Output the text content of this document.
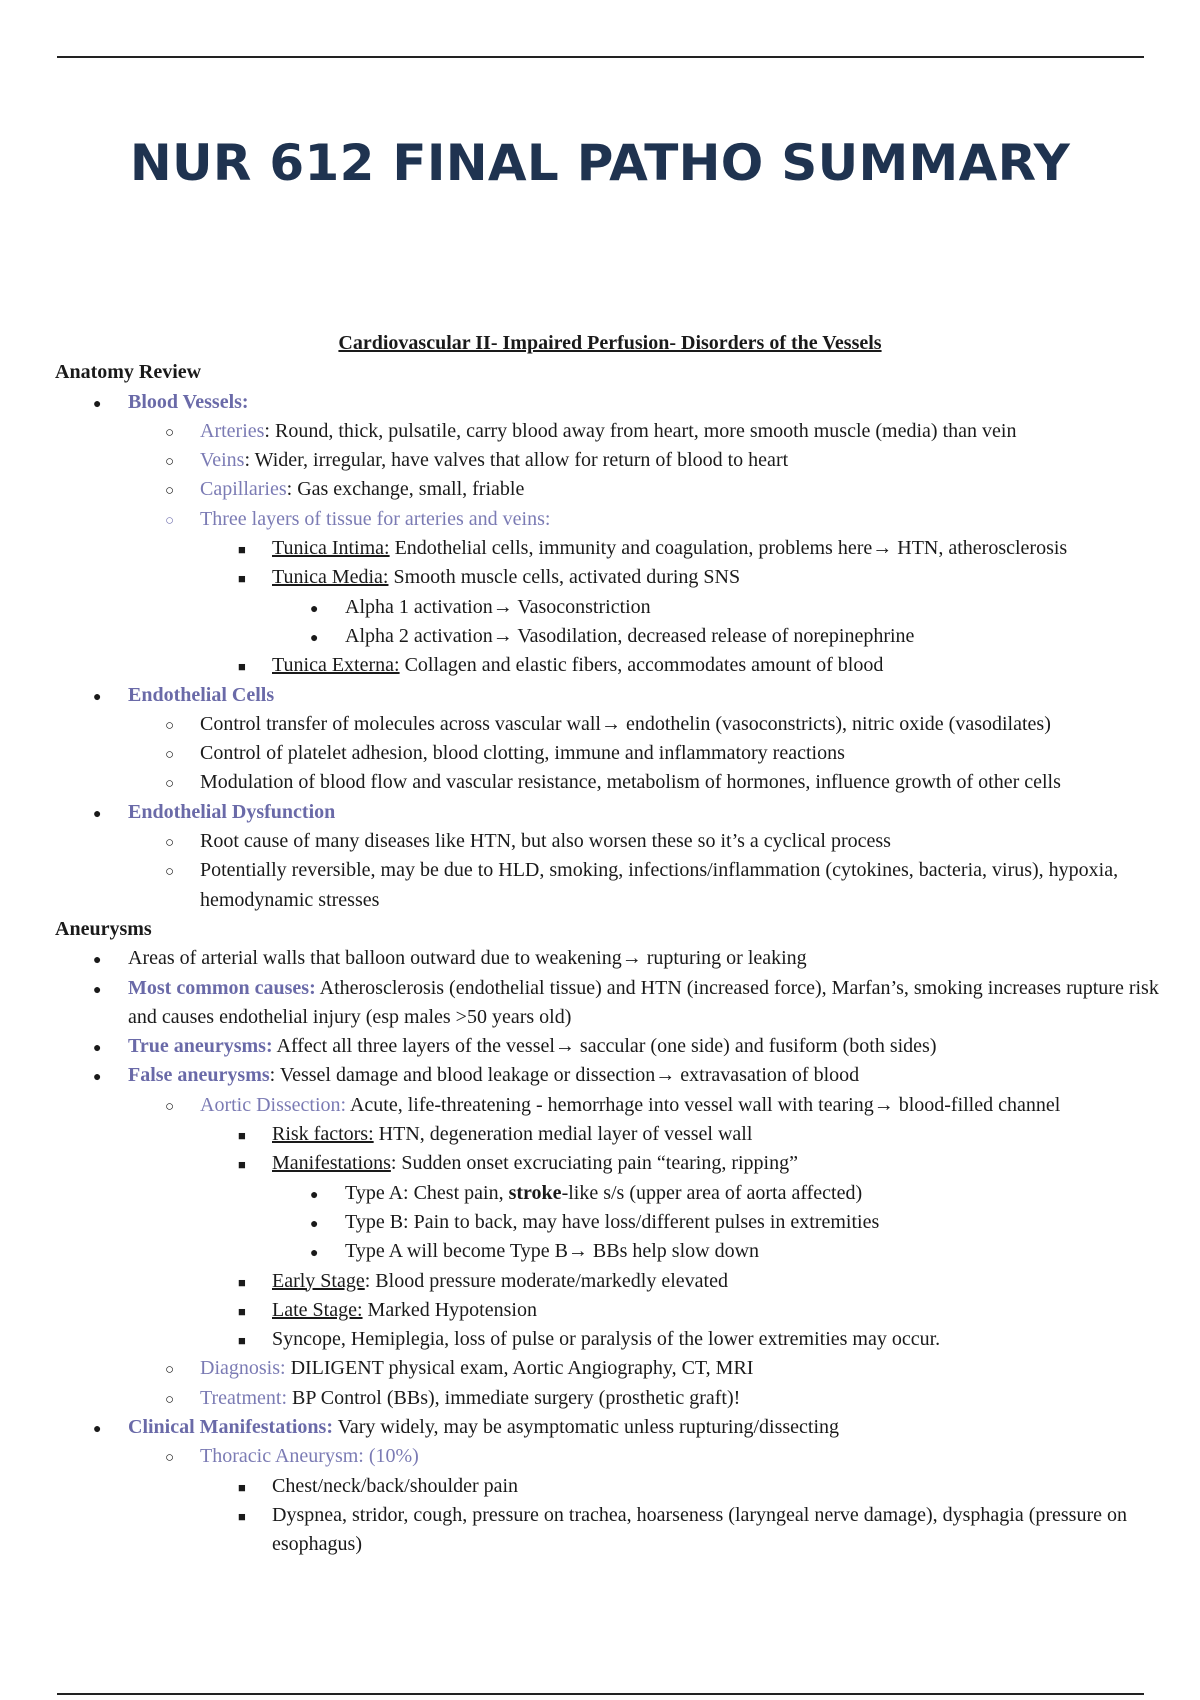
NUR 612 FINAL PATHO SUMMARY
Cardiovascular II- Impaired Perfusion- Disorders of the Vessels
Anatomy Review
●
Blood Vessels:
○
Arteries: Round, thick, pulsatile, carry blood away from heart, more smooth muscle (media) than vein
○
Veins: Wider, irregular, have valves that allow for return of blood to heart
○
Capillaries: Gas exchange, small, friable
○
Three layers of tissue for arteries and veins:
■
Tunica Intima: Endothelial cells, immunity and coagulation, problems here→ HTN, atherosclerosis
■
Tunica Media: Smooth muscle cells, activated during SNS
●
Alpha 1 activation→ Vasoconstriction
●
Alpha 2 activation→ Vasodilation, decreased release of norepinephrine
■
Tunica Externa: Collagen and elastic fibers, accommodates amount of blood
●
Endothelial Cells
○
Control transfer of molecules across vascular wall→ endothelin (vasoconstricts), nitric oxide (vasodilates)
○
Control of platelet adhesion, blood clotting, immune and inflammatory reactions
○
Modulation of blood flow and vascular resistance, metabolism of hormones, influence growth of other cells
●
Endothelial Dysfunction
○
Root cause of many diseases like HTN, but also worsen these so it’s a cyclical process
○
Potentially reversible, may be due to HLD, smoking, infections/inflammation (cytokines, bacteria, virus), hypoxia, hemodynamic stresses
Aneurysms
●
Areas of arterial walls that balloon outward due to weakening→ rupturing or leaking
●
Most common causes: Atherosclerosis (endothelial tissue) and HTN (increased force), Marfan’s, smoking increases rupture risk and causes endothelial injury (esp males >50 years old)
●
True aneurysms: Affect all three layers of the vessel→ saccular (one side) and fusiform (both sides)
●
False aneurysms: Vessel damage and blood leakage or dissection→ extravasation of blood
○
Aortic Dissection: Acute, life-threatening - hemorrhage into vessel wall with tearing→ blood-filled channel
■
Risk factors: HTN, degeneration medial layer of vessel wall
■
Manifestations: Sudden onset excruciating pain “tearing, ripping”
●
Type A: Chest pain, stroke-like s/s (upper area of aorta affected)
●
Type B: Pain to back, may have loss/different pulses in extremities
●
Type A will become Type B→ BBs help slow down
■
Early Stage: Blood pressure moderate/markedly elevated
■
Late Stage: Marked Hypotension
■
Syncope, Hemiplegia, loss of pulse or paralysis of the lower extremities may occur.
○
Diagnosis: DILIGENT physical exam, Aortic Angiography, CT, MRI
○
Treatment: BP Control (BBs), immediate surgery (prosthetic graft)!
●
Clinical Manifestations: Vary widely, may be asymptomatic unless rupturing/dissecting
○
Thoracic Aneurysm: (10%)
■
Chest/neck/back/shoulder pain
■
Dyspnea, stridor, cough, pressure on trachea, hoarseness (laryngeal nerve damage), dysphagia (pressure on esophagus)
